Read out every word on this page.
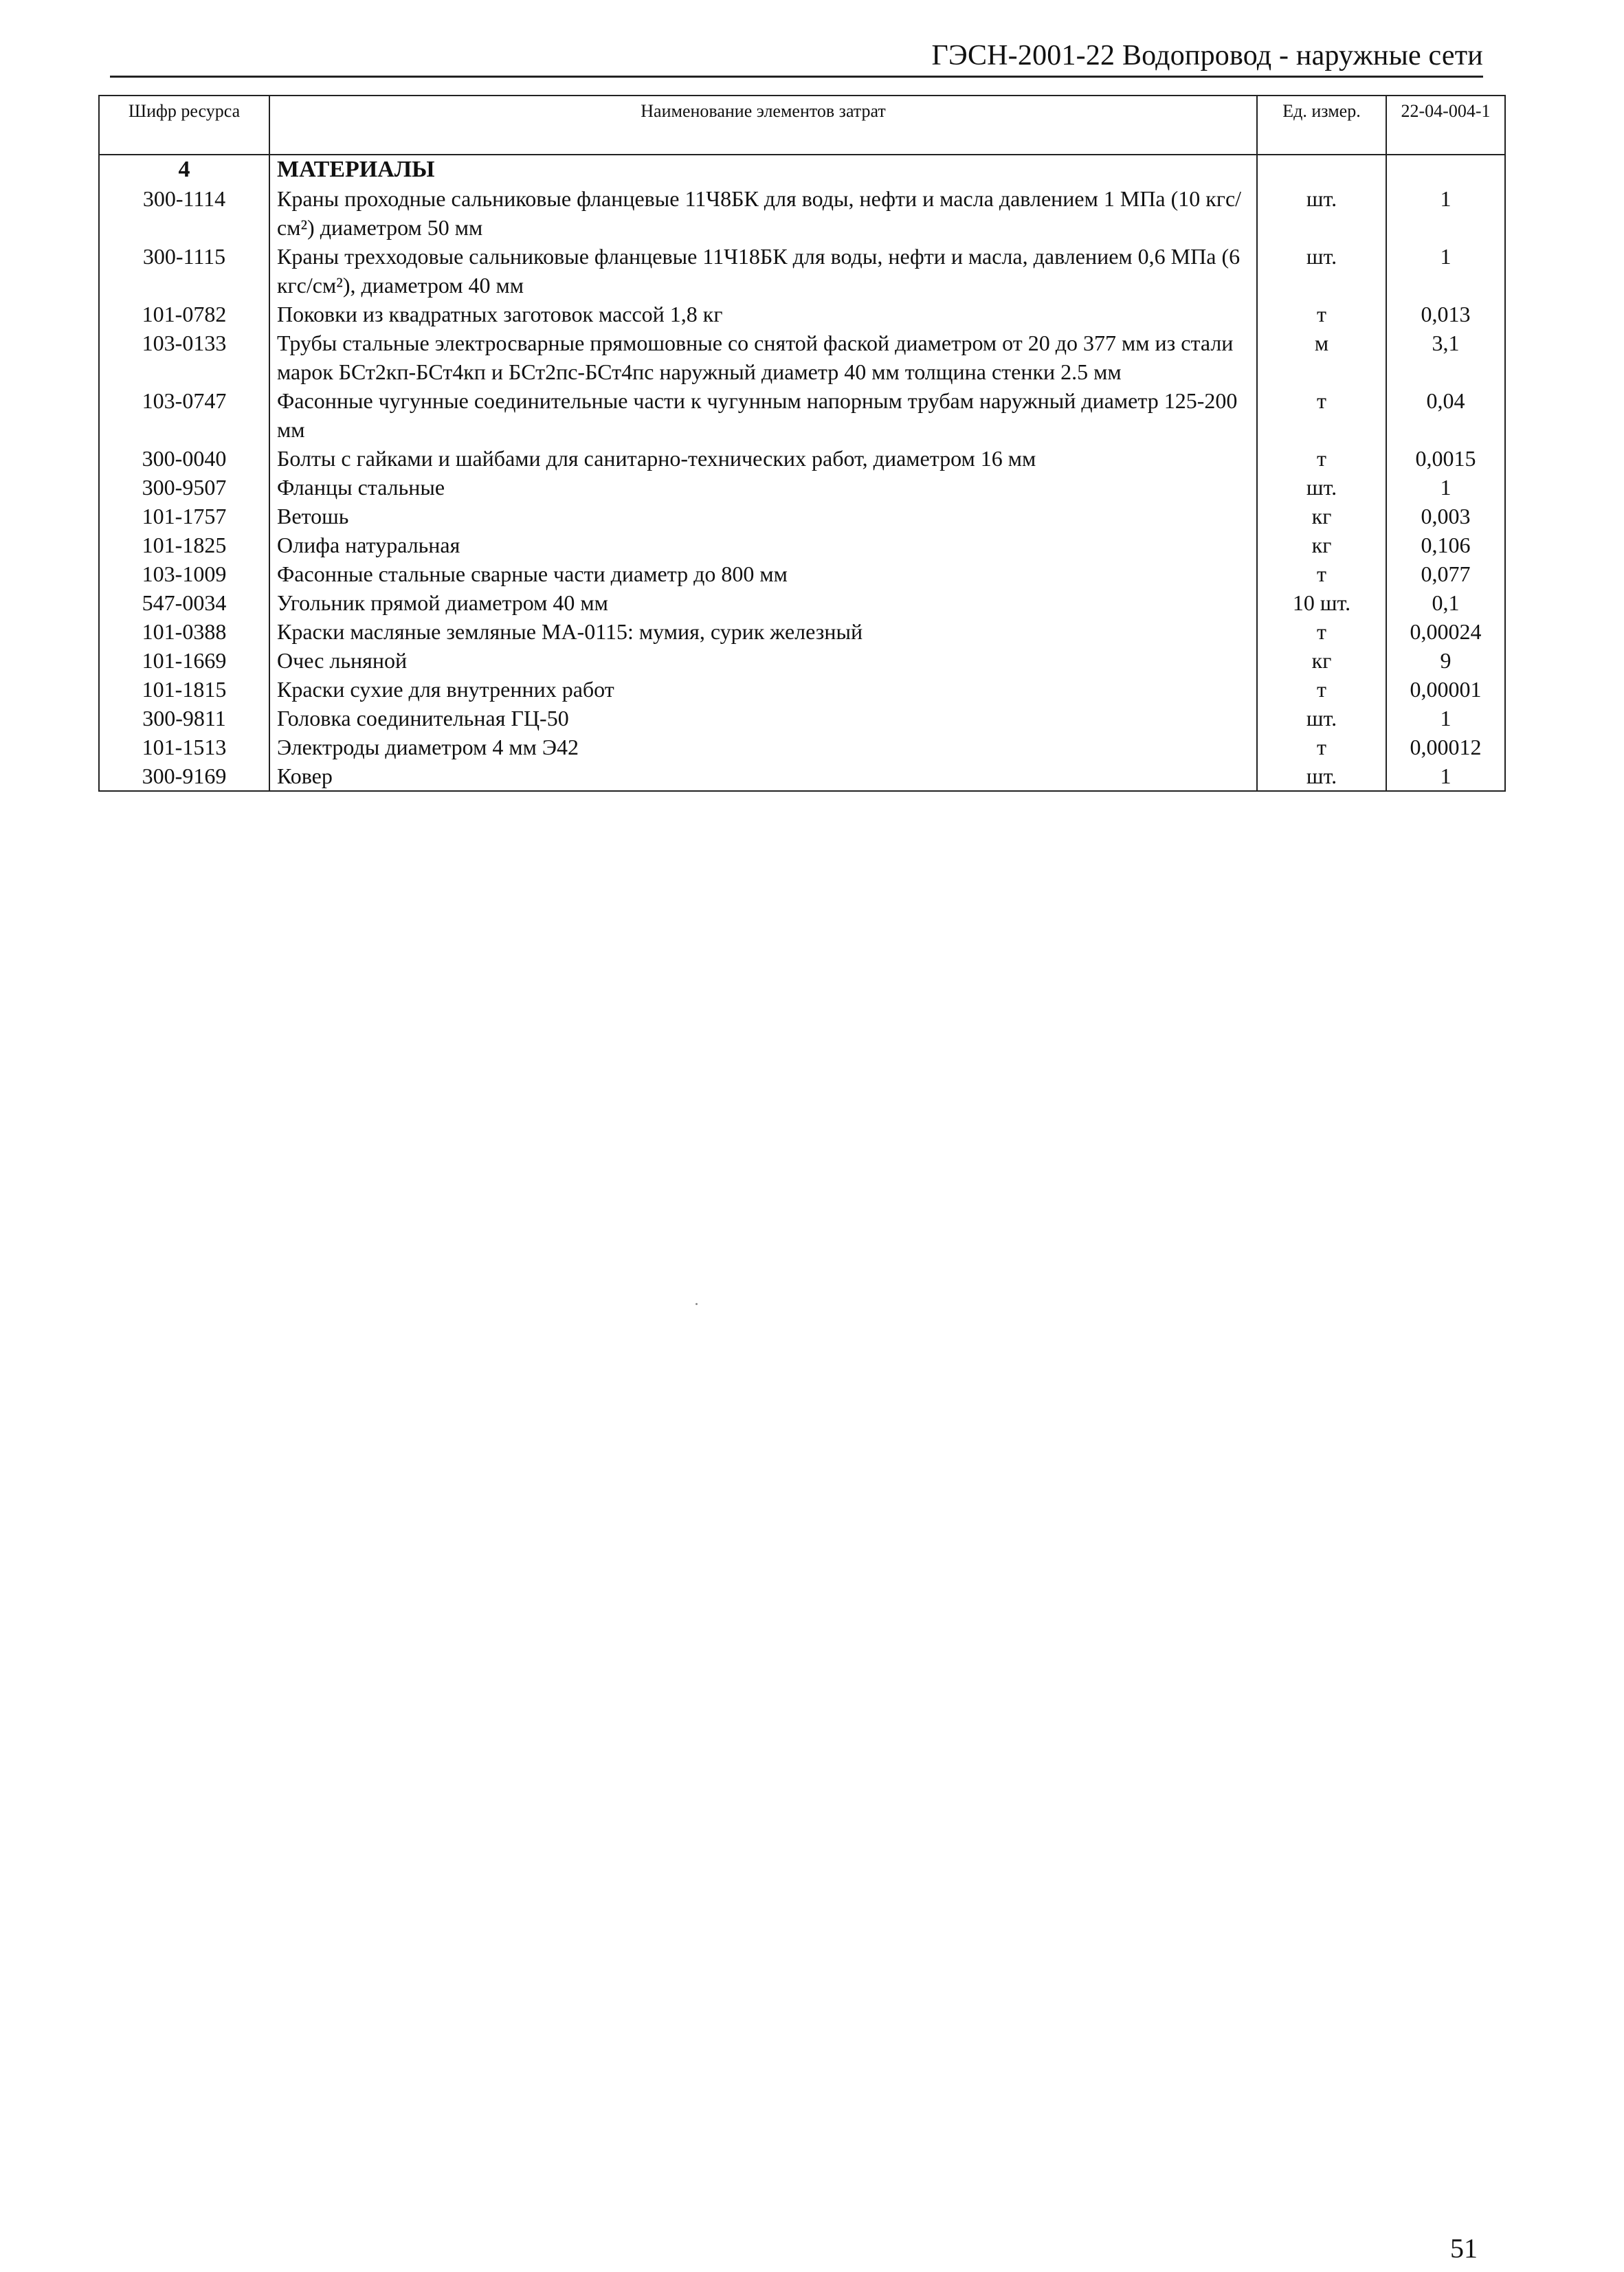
ГЭСН-2001-22 Водопровод - наружные сети
Шифр ресурса	Наименование элементов затрат	Ед. измер.	22-04-004-1
4	МАТЕРИАЛЫ		
300-1114	Краны проходные сальниковые фланцевые 11Ч8БК для воды, нефти и масла давлением 1 МПа (10 кгс/см²) диаметром 50 мм	шт.	1
300-1115	Краны трехходовые сальниковые фланцевые 11Ч18БК для воды, нефти и масла, давлением 0,6 МПа (6 кгс/см²), диаметром 40 мм	шт.	1
101-0782	Поковки из квадратных заготовок массой 1,8 кг	т	0,013
103-0133	Трубы стальные электросварные прямошовные со снятой фаской диаметром от 20 до 377 мм из стали марок БСт2кп-БСт4кп и БСт2пс-БСт4пс наружный диаметр 40 мм толщина стенки 2.5 мм	м	3,1
103-0747	Фасонные чугунные соединительные части к чугунным напорным трубам наружный диаметр 125-200 мм	т	0,04
300-0040	Болты с гайками и шайбами для санитарно-технических работ, диаметром 16 мм	т	0,0015
300-9507	Фланцы стальные	шт.	1
101-1757	Ветошь	кг	0,003
101-1825	Олифа натуральная	кг	0,106
103-1009	Фасонные стальные сварные части диаметр до 800 мм	т	0,077
547-0034	Угольник прямой диаметром 40 мм	10 шт.	0,1
101-0388	Краски масляные земляные МА-0115: мумия, сурик железный	т	0,00024
101-1669	Очес льняной	кг	9
101-1815	Краски сухие для внутренних работ	т	0,00001
300-9811	Головка соединительная ГЦ-50	шт.	1
101-1513	Электроды диаметром 4 мм Э42	т	0,00012
300-9169	Ковер	шт.	1
51
